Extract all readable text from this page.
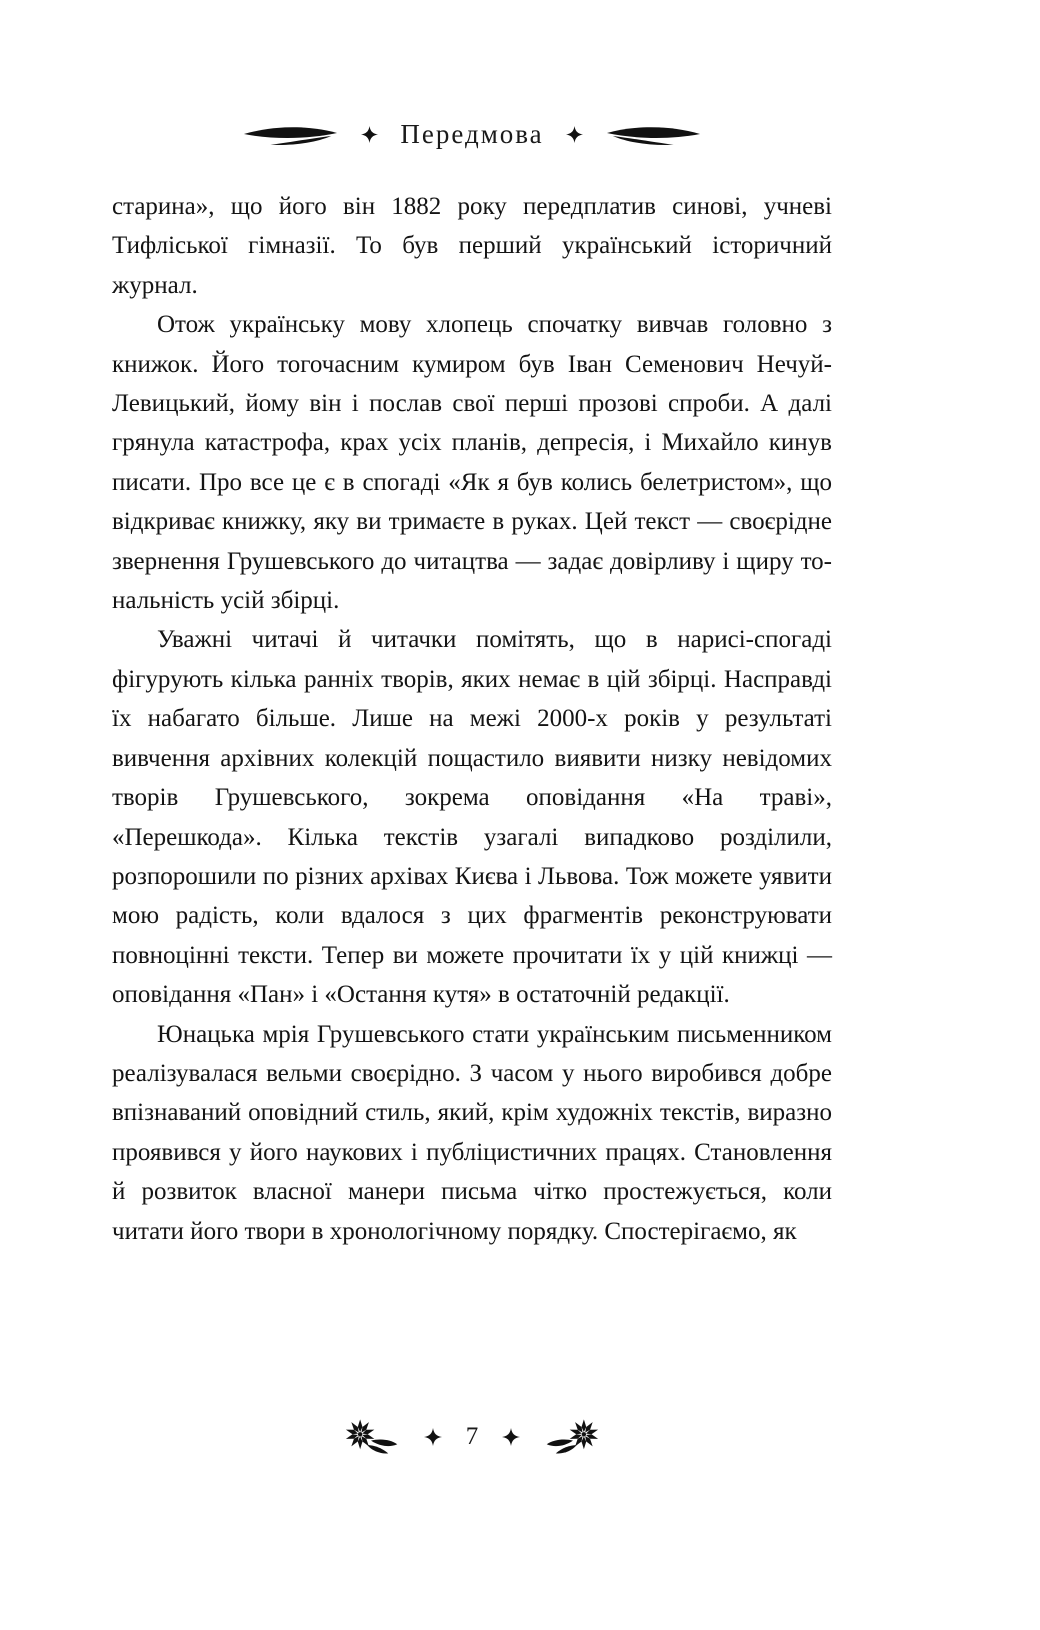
Передмова

старина», що його він 1882 року передплатив синові, учневі Тифліської гімназії. То був перший український історичний журнал.

Отож українську мову хлопець спочатку вивчав головно з книжок. Його тогочасним кумиром був Іван Семенович Нечуй-Левицький, йому він і послав свої перші прозові спроби. А далі грянула катастрофа, крах усіх планів, депресія, і Михайло кинув писати. Про все це є в спогаді «Як я був колись белетристом», що відкриває книжку, яку ви тримаєте в руках. Цей текст — своєрідне звернення Грушевського до читацтва — задає довірливу і щиру тональність усій збірці.

Уважні читачі й читачки помітять, що в нарисі-спогаді фігурують кілька ранніх творів, яких немає в цій збірці. Насправді їх набагато більше. Лише на межі 2000-х років у результаті вивчення архівних колекцій пощастило виявити низку невідомих творів Грушевського, зокрема оповідання «На траві», «Перешкода». Кілька текстів узагалі випадково розділили, розпорошили по різних архівах Києва і Львова. Тож можете уявити мою радість, коли вдалося з цих фрагментів реконструювати повноцінні тексти. Тепер ви можете прочитати їх у цій книжці — оповідання «Пан» і «Остання кутя» в остаточній редакції.

Юнацька мрія Грушевського стати українським письменником реалізувалася вельми своєрідно. З часом у нього виробився добре впізнаваний оповідний стиль, який, крім художніх текстів, виразно проявився у його наукових і публіцистичних працях. Становлення й розвиток власної манери письма чітко простежується, коли читати його твори в хронологічному порядку. Спостерігаємо, як

7
